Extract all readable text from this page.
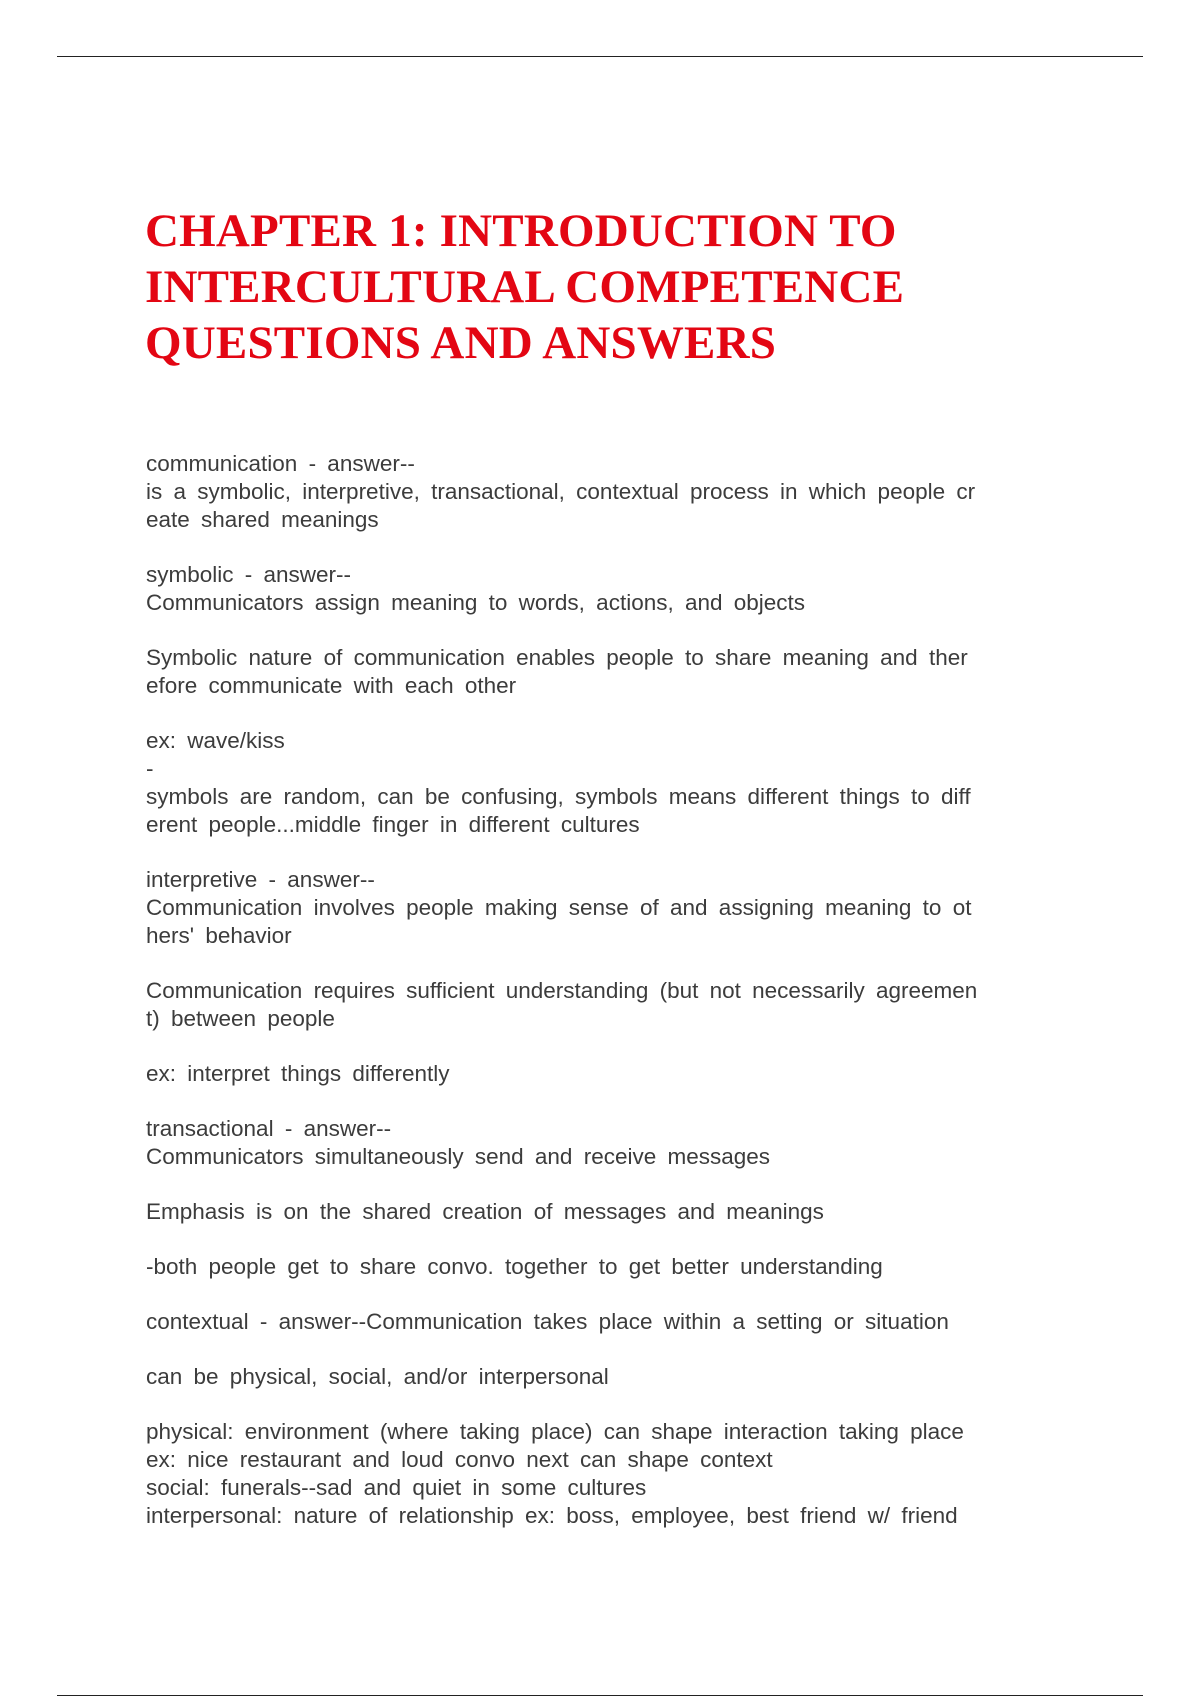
CHAPTER 1: INTRODUCTION TO
INTERCULTURAL COMPETENCE
QUESTIONS AND ANSWERS
communication - answer--
is a symbolic, interpretive, transactional, contextual process in which people cr
eate shared meanings
symbolic - answer--
Communicators assign meaning to words, actions, and objects
Symbolic nature of communication enables people to share meaning and ther
efore communicate with each other
ex: wave/kiss
-
symbols are random, can be confusing, symbols means different things to diff
erent people...middle finger in different cultures
interpretive - answer--
Communication involves people making sense of and assigning meaning to ot
hers' behavior
Communication requires sufficient understanding (but not necessarily agreemen
t) between people
ex: interpret things differently
transactional - answer--
Communicators simultaneously send and receive messages
Emphasis is on the shared creation of messages and meanings
-both people get to share convo. together to get better understanding
contextual - answer--Communication takes place within a setting or situation
can be physical, social, and/or interpersonal
physical: environment (where taking place) can shape interaction taking place
ex: nice restaurant and loud convo next can shape context
social: funerals--sad and quiet in some cultures
interpersonal: nature of relationship ex: boss, employee, best friend w/ friend
